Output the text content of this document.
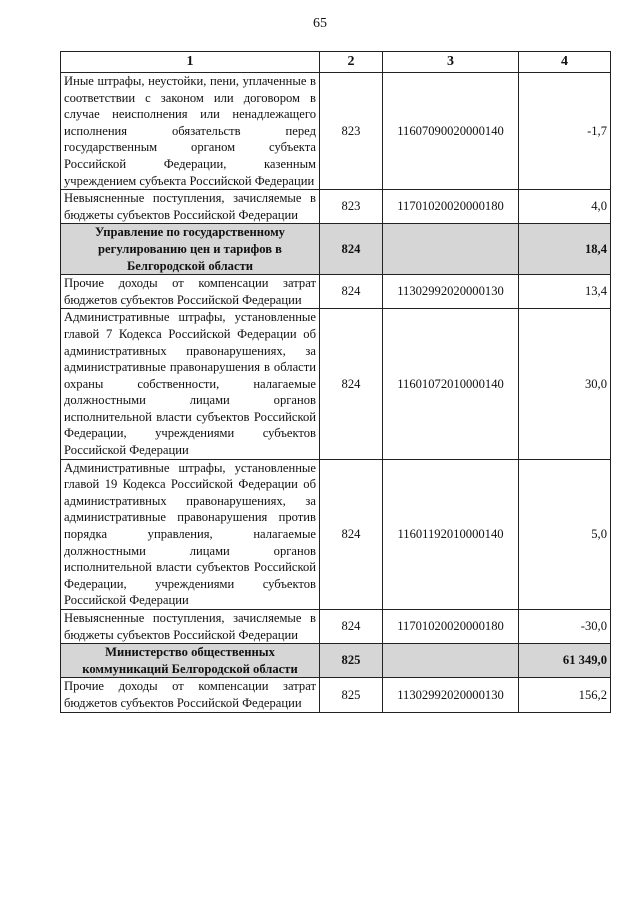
65
1	2	3	4
Иные штрафы, неустойки, пени, уплаченные в соответствии с законом или договором в случае неисполнения или ненадлежащего исполнения обязательств перед государственным органом субъекта Российской Федерации, казенным учреждением субъекта Российской Федерации	823	11607090020000140	-1,7
Невыясненные поступления, зачисляемые в бюджеты субъектов Российской Федерации	823	11701020020000180	4,0
Управление по государственному регулированию цен и тарифов в Белгородской области	824		18,4
Прочие доходы от компенсации затрат бюджетов субъектов Российской Федерации	824	11302992020000130	13,4
Административные штрафы, установленные главой 7 Кодекса Российской Федерации об административных правонарушениях, за административные правонарушения в области охраны собственности, налагаемые должностными лицами органов исполнительной власти субъектов Российской Федерации, учреждениями субъектов Российской Федерации	824	11601072010000140	30,0
Административные штрафы, установленные главой 19 Кодекса Российской Федерации об административных правонарушениях, за административные правонарушения против порядка управления, налагаемые должностными лицами органов исполнительной власти субъектов Российской Федерации, учреждениями субъектов Российской Федерации	824	11601192010000140	5,0
Невыясненные поступления, зачисляемые в бюджеты субъектов Российской Федерации	824	11701020020000180	-30,0
Министерство общественных коммуникаций Белгородской области	825		61 349,0
Прочие доходы от компенсации затрат бюджетов субъектов Российской Федерации	825	11302992020000130	156,2
